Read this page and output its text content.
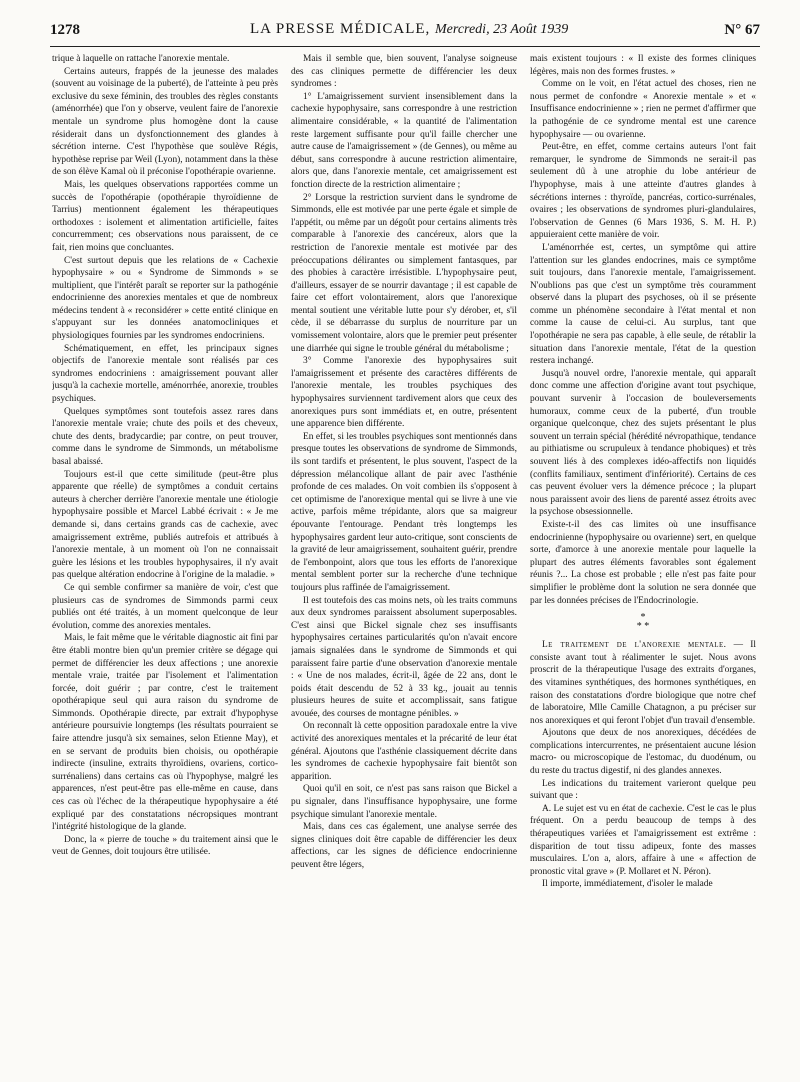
1278	LA PRESSE MÉDICALE, Mercredi, 23 Août 1939	N° 67

trique à laquelle on rattache l'anorexie mentale.

Certains auteurs, frappés de la jeunesse des malades (souvent au voisinage de la puberté), de l'atteinte à peu près exclusive du sexe féminin, des troubles des règles constants (aménorrhée) que l'on y observe, veulent faire de l'anorexie mentale un syndrome plus homogène dont la cause résiderait dans un dysfonctionnement des glandes à sécrétion interne. C'est l'hypothèse que soulève Régis, hypothèse reprise par Weil (Lyon), notamment dans la thèse de son élève Kamal où il préconise l'opothérapie ovarienne.

Mais, les quelques observations rapportées comme un succès de l'opothérapie (opothérapie thyroïdienne de Tarrius) mentionnent également les thérapeutiques orthodoxes : isolement et alimentation artificielle, faites concurremment; ces observations nous paraissent, de ce fait, rien moins que concluantes.

C'est surtout depuis que les relations de « Cachexie hypophysaire » ou « Syndrome de Simmonds » se multiplient, que l'intérêt paraît se reporter sur la pathogénie endocrinienne des anorexies mentales et que de nombreux médecins tendent à « reconsidérer » cette entité clinique en s'appuyant sur les données anatomocliniques et physiologiques fournies par les syndromes endocriniens.

Schématiquement, en effet, les principaux signes objectifs de l'anorexie mentale sont réalisés par ces syndromes endocriniens : amaigrissement pouvant aller jusqu'à la cachexie mortelle, aménorrhée, anorexie, troubles psychiques.

Quelques symptômes sont toutefois assez rares dans l'anorexie mentale vraie; chute des poils et des cheveux, chute des dents, bradycardie; par contre, on peut trouver, comme dans le syndrome de Simmonds, un métabolisme basal abaissé.

Toujours est-il que cette similitude (peut-être plus apparente que réelle) de symptômes a conduit certains auteurs à chercher derrière l'anorexie mentale une étiologie hypophysaire possible et Marcel Labbé écrivait : « Je me demande si, dans certains grands cas de cachexie, avec amaigrissement extrême, publiés autrefois et attribués à l'anorexie mentale, à un moment où l'on ne connaissait guère les lésions et les troubles hypophysaires, il n'y avait pas quelque altération endocrine à l'origine de la maladie. »

Ce qui semble confirmer sa manière de voir, c'est que plusieurs cas de syndromes de Simmonds parmi ceux publiés ont été traités, à un moment quelconque de leur évolution, comme des anorexies mentales.

Mais, le fait même que le véritable diagnostic ait fini par être établi montre bien qu'un premier critère se dégage qui permet de différencier les deux affections ; une anorexie mentale vraie, traitée par l'isolement et l'alimentation forcée, doit guérir ; par contre, c'est le traitement opothérapique seul qui aura raison du syndrome de Simmonds. Opothérapie directe, par extrait d'hypophyse antérieure poursuivie longtemps (les résultats pourraient se faire attendre jusqu'à six semaines, selon Etienne May), et en se servant de produits bien choisis, ou opothérapie indirecte (insuline, extraits thyroïdiens, ovariens, cortico-surrénaliens) dans certains cas où l'hypophyse, malgré les apparences, n'est peut-être pas elle-même en cause, dans ces cas où l'échec de la thérapeutique hypophysaire a été expliqué par des constatations nécropsiques montrant l'intégrité histologique de la glande.

Donc, la « pierre de touche » du traitement ainsi que le veut de Gennes, doit toujours être utilisée.

Mais il semble que, bien souvent, l'analyse soigneuse des cas cliniques permette de différencier les deux syndromes :

1° L'amaigrissement survient insensiblement dans la cachexie hypophysaire, sans correspondre à une restriction alimentaire considérable, « la quantité de l'alimentation reste largement suffisante pour qu'il faille chercher une autre cause de l'amaigrissement » (de Gennes), ou même au début, sans correspondre à aucune restriction alimentaire, alors que, dans l'anorexie mentale, cet amaigrissement est fonction directe de la restriction alimentaire ;

2° Lorsque la restriction survient dans le syndrome de Simmonds, elle est motivée par une perte égale et simple de l'appétit, ou même par un dégoût pour certains aliments très comparable à l'anorexie des cancéreux, alors que la restriction de l'anorexie mentale est motivée par des préoccupations délirantes ou simplement fantasques, par des phobies à caractère irrésistible. L'hypophysaire peut, d'ailleurs, essayer de se nourrir davantage ; il est capable de faire cet effort volontairement, alors que l'anorexique mental soutient une véritable lutte pour s'y dérober, et, s'il cède, il se débarrasse du surplus de nourriture par un vomissement volontaire, alors que le premier peut présenter une diarrhée qui signe le trouble général du métabolisme ;

3° Comme l'anorexie des hypophysaires suit l'amaigrissement et présente des caractères différents de l'anorexie mentale, les troubles psychiques des hypophysaires surviennent tardivement alors que ceux des anorexiques purs sont immédiats et, en outre, présentent une apparence bien différente.

En effet, si les troubles psychiques sont mentionnés dans presque toutes les observations de syndrome de Simmonds, ils sont tardifs et présentent, le plus souvent, l'aspect de la dépression mélancolique allant de pair avec l'asthénie profonde de ces malades. On voit combien ils s'opposent à cet optimisme de l'anorexique mental qui se livre à une vie active, parfois même trépidante, alors que sa maigreur épouvante l'entourage. Pendant très longtemps les hypophysaires gardent leur auto-critique, sont conscients de la gravité de leur amaigrissement, souhaitent guérir, prendre de l'embonpoint, alors que tous les efforts de l'anorexique mental semblent porter sur la recherche d'une technique toujours plus raffinée de l'amaigrissement.

Il est toutefois des cas moins nets, où les traits communs aux deux syndromes paraissent absolument superposables. C'est ainsi que Bickel signale chez ses insuffisants hypophysaires certaines particularités qu'on n'avait encore jamais signalées dans le syndrome de Simmonds et qui paraissent faire partie d'une observation d'anorexie mentale : « Une de nos malades, écrit-il, âgée de 22 ans, dont le poids était descendu de 52 à 33 kg., jouait au tennis plusieurs heures de suite et accomplissait, sans fatigue avouée, des courses de montagne pénibles. »

On reconnaît là cette opposition paradoxale entre la vive activité des anorexiques mentales et la précarité de leur état général. Ajoutons que l'asthénie classiquement décrite dans les syndromes de cachexie hypophysaire fait bientôt son apparition.

Quoi qu'il en soit, ce n'est pas sans raison que Bickel a pu signaler, dans l'insuffisance hypophysaire, une forme psychique simulant l'anorexie mentale.

Mais, dans ces cas également, une analyse serrée des signes cliniques doit être capable de différencier les deux affections, car les signes de déficience endocrinienne peuvent être légers,

mais existent toujours : « Il existe des formes cliniques légères, mais non des formes frustes. »

Comme on le voit, en l'état actuel des choses, rien ne nous permet de confondre « Anorexie mentale » et « Insuffisance endocrinienne » ; rien ne permet d'affirmer que la pathogénie de ce syndrome mental est une carence hypophysaire — ou ovarienne.

Peut-être, en effet, comme certains auteurs l'ont fait remarquer, le syndrome de Simmonds ne serait-il pas seulement dû à une atrophie du lobe antérieur de l'hypophyse, mais à une atteinte d'autres glandes à sécrétions internes : thyroïde, pancréas, cortico-surrénales, ovaires ; les observations de syndromes pluri-glandulaires, l'observation de Gennes (6 Mars 1936, S. M. H. P.) appuieraient cette manière de voir.

L'aménorrhée est, certes, un symptôme qui attire l'attention sur les glandes endocrines, mais ce symptôme suit toujours, dans l'anorexie mentale, l'amaigrissement. N'oublions pas que c'est un symptôme très couramment observé dans la plupart des psychoses, où il se présente comme un phénomène secondaire à l'état mental et non comme la cause de celui-ci. Au surplus, tant que l'opothérapie ne sera pas capable, à elle seule, de rétablir la situation dans l'anorexie mentale, l'état de la question restera inchangé.

Jusqu'à nouvel ordre, l'anorexie mentale, qui apparaît donc comme une affection d'origine avant tout psychique, pouvant survenir à l'occasion de bouleversements humoraux, comme ceux de la puberté, d'un trouble organique quelconque, chez des sujets présentant le plus souvent un terrain spécial (hérédité névropathique, tendance au pithiatisme ou scrupuleux à tendance phobiques) et très souvent liés à des complexes idéo-affectifs non liquidés (conflits familiaux, sentiment d'infériorité). Certains de ces cas peuvent évoluer vers la démence précoce ; la plupart nous paraissent avoir des liens de parenté assez étroits avec la psychose obsessionnelle.

Existe-t-il des cas limites où une insuffisance endocrinienne (hypophysaire ou ovarienne) sert, en quelque sorte, d'amorce à une anorexie mentale pour laquelle la plupart des autres éléments favorables sont également réunis ?... La chose est probable ; elle n'est pas faite pour simplifier le problème dont la solution ne sera donnée que par les données précises de l'Endocrinologie.

*
* *

Le traitement de l'anorexie mentale. — Il consiste avant tout à réalimenter le sujet. Nous avons proscrit de la thérapeutique l'usage des extraits d'organes, des vitamines synthétiques, des hormones synthétiques, en raison des constatations d'ordre biologique que notre chef de laboratoire, Mlle Camille Chatagnon, a pu préciser sur nos anorexiques et qui feront l'objet d'un travail d'ensemble.

Ajoutons que deux de nos anorexiques, décédées de complications intercurrentes, ne présentaient aucune lésion macro- ou microscopique de l'estomac, du duodénum, ou du reste du tractus digestif, ni des glandes annexes.

Les indications du traitement varieront quelque peu suivant que :

A. Le sujet est vu en état de cachexie. C'est le cas le plus fréquent. On a perdu beaucoup de temps à des thérapeutiques variées et l'amaigrissement est extrême : disparition de tout tissu adipeux, fonte des masses musculaires. L'on a, alors, affaire à une « affection de pronostic vital grave » (P. Mollaret et N. Péron).

Il importe, immédiatement, d'isoler le malade
